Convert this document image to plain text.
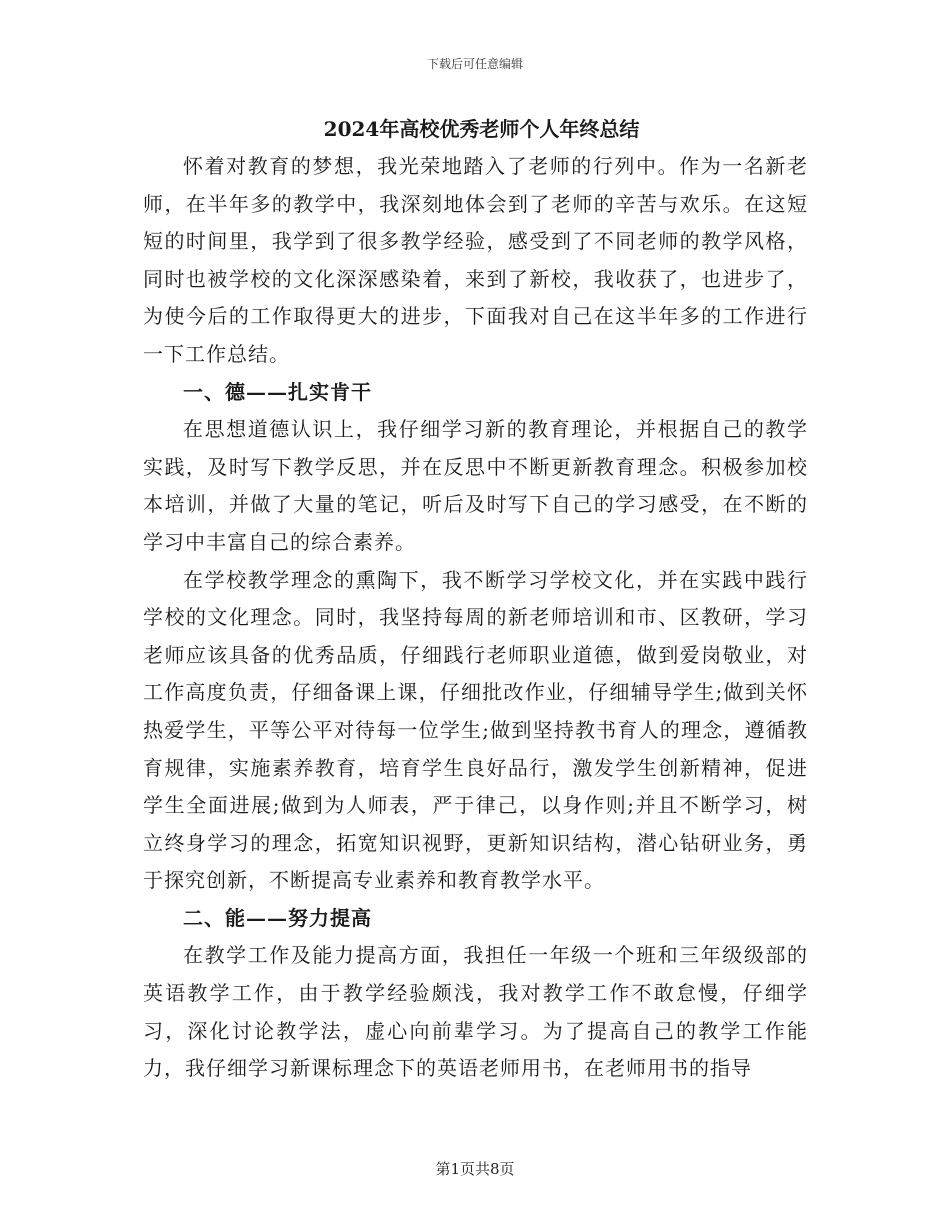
下载后可任意编辑
2024年高校优秀老师个人年终总结

怀着对教育的梦想，我光荣地踏入了老师的行列中。作为一名新老师，在半年多的教学中，我深刻地体会到了老师的辛苦与欢乐。在这短短的时间里，我学到了很多教学经验，感受到了不同老师的教学风格，同时也被学校的文化深深感染着，来到了新校，我收获了，也进步了，为使今后的工作取得更大的进步，下面我对自己在这半年多的工作进行一下工作总结。

一、德——扎实肯干

在思想道德认识上，我仔细学习新的教育理论，并根据自己的教学实践，及时写下教学反思，并在反思中不断更新教育理念。积极参加校本培训，并做了大量的笔记，听后及时写下自己的学习感受，在不断的学习中丰富自己的综合素养。

在学校教学理念的熏陶下，我不断学习学校文化，并在实践中践行学校的文化理念。同时，我坚持每周的新老师培训和市、区教研，学习老师应该具备的优秀品质，仔细践行老师职业道德，做到爱岗敬业，对工作高度负责，仔细备课上课，仔细批改作业，仔细辅导学生;做到关怀热爱学生，平等公平对待每一位学生;做到坚持教书育人的理念，遵循教育规律，实施素养教育，培育学生良好品行，激发学生创新精神，促进学生全面进展;做到为人师表，严于律己，以身作则;并且不断学习，树立终身学习的理念，拓宽知识视野，更新知识结构，潜心钻研业务，勇于探究创新，不断提高专业素养和教育教学水平。

二、能——努力提高

在教学工作及能力提高方面，我担任一年级一个班和三年级级部的英语教学工作，由于教学经验颇浅，我对教学工作不敢怠慢，仔细学习，深化讨论教学法，虚心向前辈学习。为了提高自己的教学工作能力，我仔细学习新课标理念下的英语老师用书，在老师用书的指导

第1页共8页
